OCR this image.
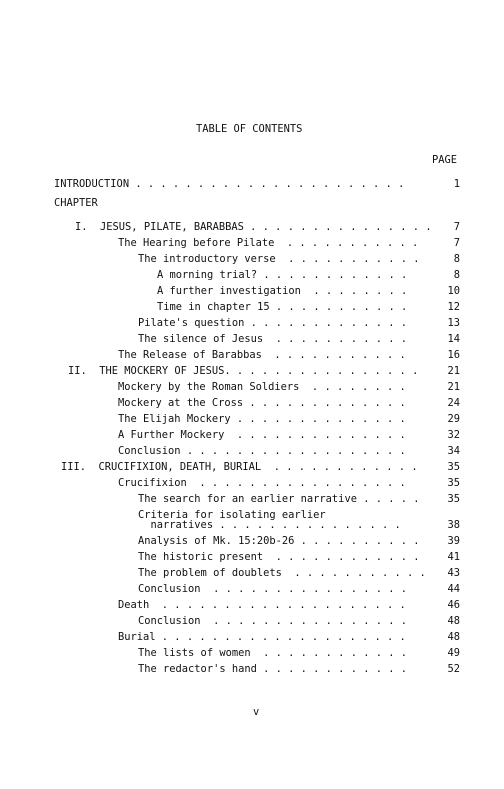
TABLE OF CONTENTS
PAGE
INTRODUCTION . . . . . . . . . . . . . . . . . . . . . .	1
CHAPTER
I.  JESUS, PILATE, BARABBAS . . . . . . . . . . . . . . .	7
The Hearing before Pilate  . . . . . . . . . . .	7
The introductory verse  . . . . . . . . . . .	8
A morning trial? . . . . . . . . . . . .	8
A further investigation  . . . . . . . .	10
Time in chapter 15 . . . . . . . . . . .	12
Pilate's question . . . . . . . . . . . . .	13
The silence of Jesus  . . . . . . . . . . .	14
The Release of Barabbas  . . . . . . . . . . .	16
II.  THE MOCKERY OF JESUS. . . . . . . . . . . . . . . .	21
Mockery by the Roman Soldiers  . . . . . . . .	21
Mockery at the Cross . . . . . . . . . . . . .	24
The Elijah Mockery . . . . . . . . . . . . . .	29
A Further Mockery  . . . . . . . . . . . . . .	32
Conclusion . . . . . . . . . . . . . . . . . .	34
III.  CRUCIFIXION, DEATH, BURIAL  . . . . . . . . . . . .	35
Crucifixion  . . . . . . . . . . . . . . . . .	35
The search for an earlier narrative . . . . .	35
Criteria for isolating earlier
narratives . . . . . . . . . . . . . . .	38
Analysis of Mk. 15:20b-26 . . . . . . . . . .	39
The historic present  . . . . . . . . . . . .	41
The problem of doublets  . . . . . . . . . . .	43
Conclusion  . . . . . . . . . . . . . . . .	44
Death  . . . . . . . . . . . . . . . . . . . .	46
Conclusion  . . . . . . . . . . . . . . . .	48
Burial . . . . . . . . . . . . . . . . . . . .	48
The lists of women  . . . . . . . . . . . .	49
The redactor's hand . . . . . . . . . . . .	52
v
